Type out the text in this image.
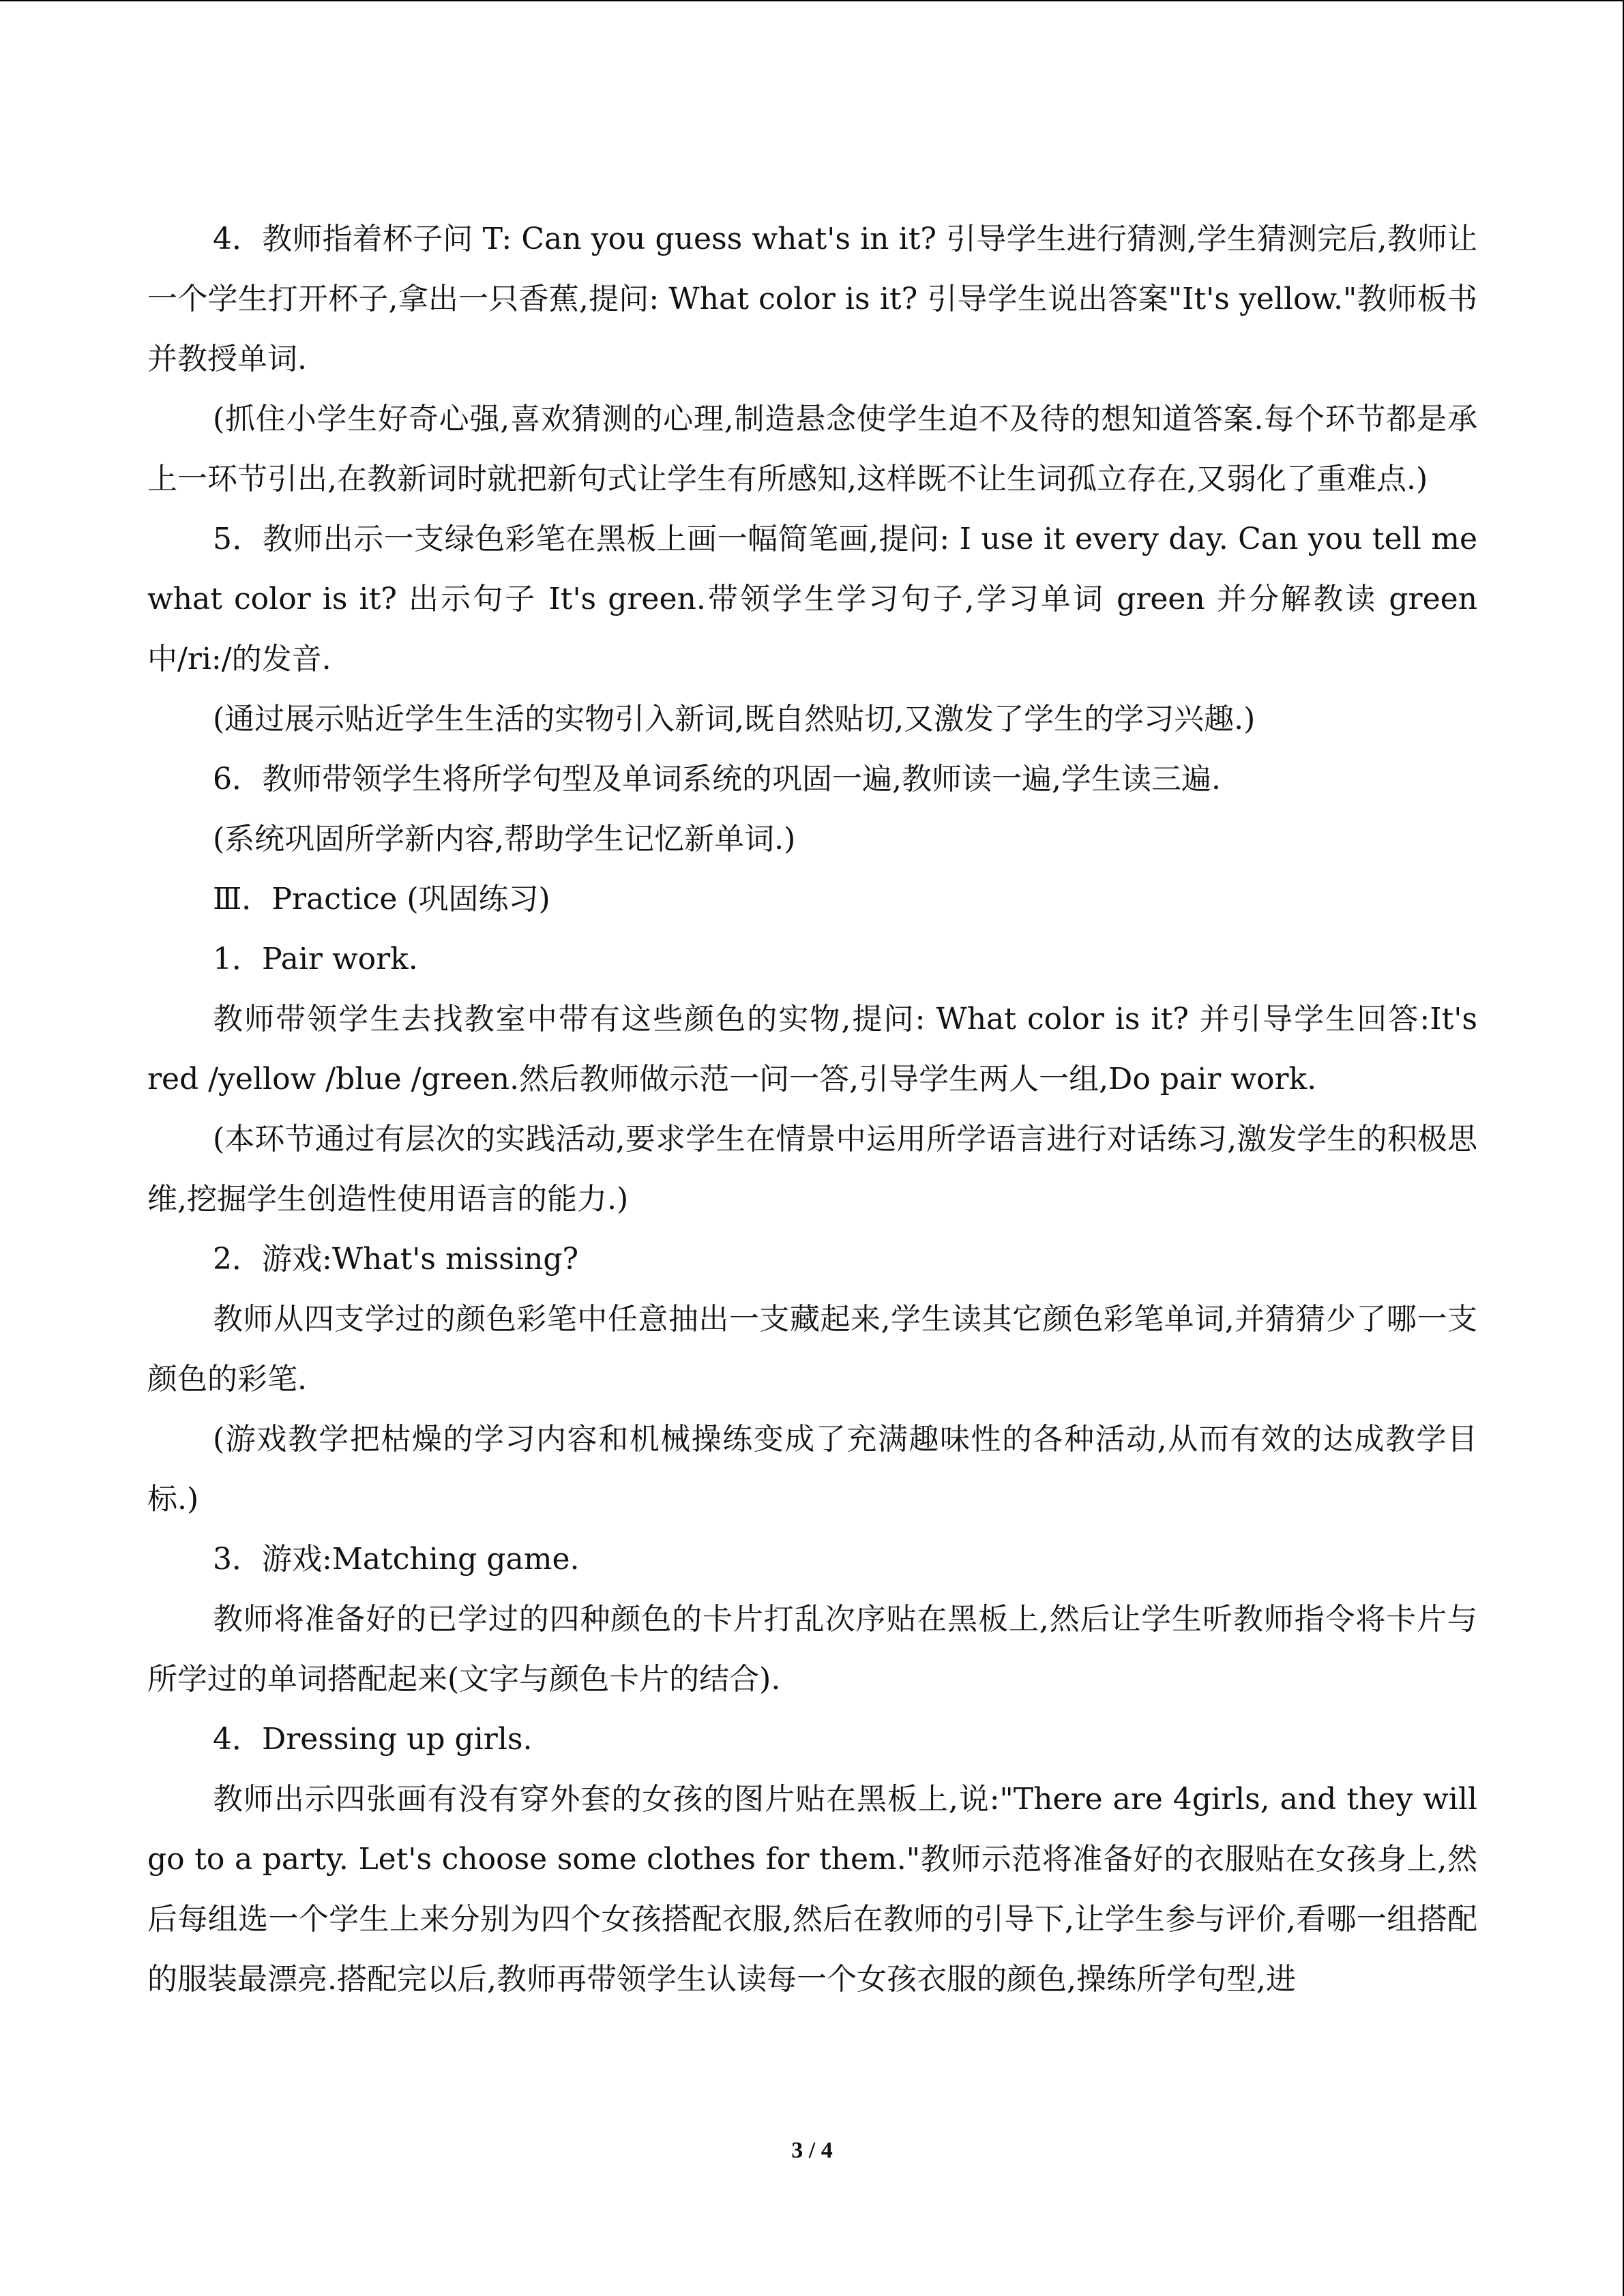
4．教师指着杯子问 T: Can you guess what's in it? 引导学生进行猜测,学生猜测完后,教师让一个学生打开杯子,拿出一只香蕉,提问: What color is it? 引导学生说出答案"It's yellow."教师板书并教授单词.

(抓住小学生好奇心强,喜欢猜测的心理,制造悬念使学生迫不及待的想知道答案.每个环节都是承上一环节引出,在教新词时就把新句式让学生有所感知,这样既不让生词孤立存在,又弱化了重难点.)

5．教师出示一支绿色彩笔在黑板上画一幅简笔画,提问: I use it every day. Can you tell me what color is it? 出示句子 It's green.带领学生学习句子,学习单词 green 并分解教读 green 中/ri:/的发音.

(通过展示贴近学生生活的实物引入新词,既自然贴切,又激发了学生的学习兴趣.)

6．教师带领学生将所学句型及单词系统的巩固一遍,教师读一遍,学生读三遍.

(系统巩固所学新内容,帮助学生记忆新单词.)

Ⅲ．Practice (巩固练习)

1．Pair work.

教师带领学生去找教室中带有这些颜色的实物,提问: What color is it? 并引导学生回答:It's red /yellow /blue /green.然后教师做示范一问一答,引导学生两人一组,Do pair work.

(本环节通过有层次的实践活动,要求学生在情景中运用所学语言进行对话练习,激发学生的积极思维,挖掘学生创造性使用语言的能力.)

2．游戏:What's missing?

教师从四支学过的颜色彩笔中任意抽出一支藏起来,学生读其它颜色彩笔单词,并猜猜少了哪一支颜色的彩笔.

(游戏教学把枯燥的学习内容和机械操练变成了充满趣味性的各种活动,从而有效的达成教学目标.)

3．游戏:Matching game.

教师将准备好的已学过的四种颜色的卡片打乱次序贴在黑板上,然后让学生听教师指令将卡片与所学过的单词搭配起来(文字与颜色卡片的结合).

4．Dressing up girls.

教师出示四张画有没有穿外套的女孩的图片贴在黑板上,说:"There are 4girls, and they will go to a party. Let's choose some clothes for them."教师示范将准备好的衣服贴在女孩身上,然后每组选一个学生上来分别为四个女孩搭配衣服,然后在教师的引导下,让学生参与评价,看哪一组搭配的服装最漂亮.搭配完以后,教师再带领学生认读每一个女孩衣服的颜色,操练所学句型,进

3 / 4
